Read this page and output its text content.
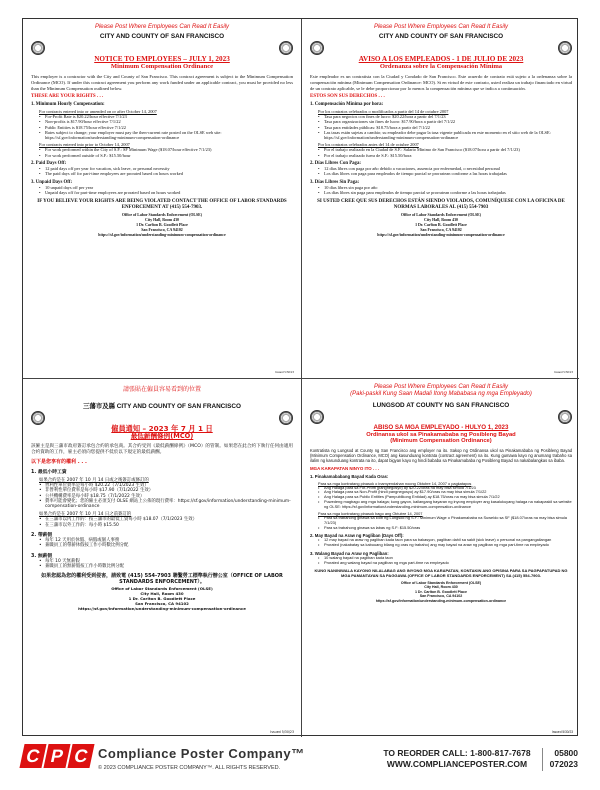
Please Post Where Employees Can Read It Easily
CITY AND COUNTY OF SAN FRANCISCO
NOTICE TO EMPLOYEES – JULY 1, 2023
Minimum Compensation Ordinance
This employer is a contractor with the City and County of San Francisco. This contract agreement is subject to the Minimum Compensation Ordinance (MCO). If under this contract agreement you perform any work funded under an applicable contract, you must be provided no less than the Minimum Compensation outlined below.
THESE ARE YOUR RIGHTS . . .
1. Minimum Hourly Compensation:
For contracts entered into or amended on or after October 14, 2007
• For-Profit Rate is $20.22/hour effective 7/1/23
• Non-profits is $17.90/hour effective 7/1/22
• Public Entities is $18.75/hour effective 7/1/22
• Rates subject to change; your employer must pay the then-current rate posted on the OLSE web site: https://sf.gov/information/understanding-minimum-compensation-ordinance
For contracts entered into prior to October 14, 2007
• For work performed within the City of S.F.: SF Minimum Wage ($18.07/hour effective 7/1/23)
• For work performed outside of S.F.: $15.50/hour
2. Paid Days Off:
• 12 paid days off per year for vacation, sick leave, or personal necessity
• The paid days off for part-time employees are prorated based on hours worked
3. Unpaid Days Off:
• 10 unpaid days off per year
• Unpaid days off for part-time employees are prorated based on hours worked
IF YOU BELIEVE YOUR RIGHTS ARE BEING VIOLATED CONTACT THE OFFICE OF LABOR STANDARDS ENFORCEMENT AT (415) 554-7903.
Office of Labor Standards Enforcement (OLSE)
City Hall, Room 430
1 Dr. Carlton B. Goodlett Place
San Francisco, CA 94102
https://sf.gov/information/understanding-minimum-compensation-ordinance
Issued 5/30/23
Please Post Where Employees Can Read It Easily
CITY AND COUNTY OF SAN FRANCISCO
AVISO A LOS EMPLEADOS - 1 DE JULIO DE 2023
Ordenanza sobre la Compensación Mínima
Este empleador es un contratista con la Ciudad y Condado de San Francisco. Este acuerdo de contrato está sujeto a la ordenanza sobre la compensación mínima (Minimum Compensation Ordinance: MCO). Si en virtud de este contrato, usted realiza un trabajo financiado en virtud de un contrato aplicable, se le debe proporcionar por lo menos la compensación mínima que se indica a continuación.
ESTOS SON SUS DERECHOS . . .
1. Compensación Mínima por hora:
Por los contratos celebrados o modificados a partir del 14 de octubre 2007
• Tasa para negocios con fines de lucro: $20.22/hora a partir del 7/1/23
• Tasa para organizaciones sin fines de lucro: $17.90/hora a partir del 7/1/22
• Tasa para entidades públicas: $18.75/hora a partir del 7/1/22
• Las tasas están sujetas a cambio; su empleador debe pagar la tasa vigente publicada en este momento en el sitio web de la OLSE: https://sf.gov/information/understanding-minimum-compensation-ordinance
Por los contratos celebrados antes del 14 de octubre 2007
• Por el trabajo realizado en la Ciudad de S.F.: Salario Mínimo de San Francisco ($18.07/hora a partir del 7/1/23)
• Por el trabajo realizado fuera de S.F.: $15.50/hora
2. Días Libres Con Paga:
• 12 días libres con paga por año debido a vacaciones, ausencia por enfermedad, o necesidad personal
• Los días libres con paga para empleados de tiempo parcial se prorratean conforme a las horas trabajadas
3. Días Libres Sin Paga:
• 10 días libres sin paga por año
• Los días libres sin paga para empleados de tiempo parcial se prorratean conforme a las horas trabajadas
SI USTED CREE QUE SUS DERECHOS ESTÁN SIENDO VIOLADOS, COMUNÍQUESE CON LA OFICINA DE NORMAS LABORALES AL (415) 554-7903
Office of Labor Standards Enforcement (OLSE)
City Hall, Room 430
1 Dr. Carlton B. Goodlett Place
San Francisco, CA 94102
https://sf.gov/information/understanding-minimum-compensation-ordinance
Issued 5/30/23
請張貼在僱員容易看到的位置
三藩市及縣 CITY AND COUNTY OF SAN FRANCISCO
僱員通知 – 2023 年 7 月 1 日
最低薪酬條例(MCO)
該僱主是與三藩市政府簽訂承包合約的承包商。其合約受到《最低薪酬條例》（MCO）的管制。如果您在此合約下執行任何由適用合約資助的工作，雇主必須向您提供不低於以下規定的最低薪酬。
以下是您享有的權利 . . .
1. 最低小時工資
如果合約是在 2007 年 10 月 14 日或之後簽訂或修訂的
• 營利性單位費率是每小時 $20.22（7/1/2023 生效）
• 非營利性單位費率是每小時 $17.90（7/1/2022 生效）
• 公共機構費率是每小時 $18.75（7/1/2022 生效）
• 費率可能會變化；您的僱主必須支付 OLSE 網站上公佈的現行費率：https://sf.gov/information/understanding-minimum-compensation-ordinance
如果合約是在 2007 年 10 月 14 日之前簽訂的
• 在三藩市以內工作的：按三藩市的最低工資每小時 $18.07（7/1/2023 生效）
• 在三藩市以外工作的：每小時 $15.50
2. 帶薪假
• 每年 12 天用於休假、病假或個人事務
• 兼職員工的帶薪休假按工作小時數比例分配
3. 無薪假
• 每年 10 天無薪假
• 兼職員工的無薪假按工作小時數比例分配
如果您認為您的權利受到侵害，請致電 (415) 554-7903 聯繫勞工標準執行辦公室（OFFICE OF LABOR STANDARDS ENFORCEMENT）。
Office of Labor Standards Enforcement (OLSE)
City Hall, Room 430
1 Dr. Carlton B. Goodlett Place
San Francisco, CA 94102
https://sf.gov/information/understanding-minimum-compensation-ordinance
Issued 5/30/23
Please Post Where Employees Can Read It Easily
(Paki-paskil Kung Saan Madali Itong Mababasa ng mga Empleyado)
LUNGSOD AT COUNTY NG SAN FRANCISCO
ABISO SA MGA EMPLEYADO - HULYO 1, 2023
Ordinansa ukol sa Pinakamababa ng Posibleng Bayad
(Minimum Compensation Ordinance)
Kontratista ng Lungsod at County ng San Francisco ang employer na ito. Sakop ng Ordinansa ukol sa Pinakamababa ng Posibleng Bayad (Minimum Compensation Ordinance, MCO) ang kasunduang kontrata (contract agreement) na ito. Kung gumawa kayo ng anumang trabaho sa ilalim ng kasunduang kontrata na ito, dapat bigyan kayo ng hindi bababa sa Pinakamababa ng Posibleng Bayad na nakabalangkas sa ibaba.
MGA KARAPATAN NINYO ITO . . .
1. Pinakamababang Bayad Kada Oras:
Para sa mga kontratang pinasok o inamyendahan noong Oktubre 14, 2007 o pagkatapos
• Ang Halaga para sa For-Profit (pangnegosyo) ay $20.22/oras na may bisa simula 7/1/23
• Ang Halaga para sa Non-Profit (hindi pangnegosyo) ay $17.90/oras na may bisa simula 7/1/22
• Ang Halaga para sa Public Entities (Pampublikong Entidad) ay $18.75/oras na may bisa simula 7/1/22
• Puwedeng magbago ang mga halaga; kung gayon, kailangang bayaran ng inyong employer ang kasalukuyang halaga na nakapaskil sa website ng OLSE: https://sf.gov/information/understanding-minimum-compensation-ordinance
Para sa mga kontratang pinasok bago ang Oktubre 14, 2007
• Para sa trabahong ginawa sa loob ng Lungsod ng S.F.: Minimum Wage o Pinakamababa na Suweldo sa SF ($18.07/oras na may bisa simula 7/1/23)
• Para sa trabahong ginawa sa labas ng S.F: $15.50/oras
2. May Bayad na Araw ng Pagliban (Days Off):
• 12 may bayad na araw ng pagliban kada taon para sa bakasyon, pagliban dahil sa sakit (sick leave) o personal na pangangailangan
• Prorated (nakabatay sa kabuuang bilang ng oras ng trabaho) ang may bayad na araw ng pagliban ng mga part-time na empleyado
3. Walang Bayad na Araw ng Pagliban:
• 10 walang bayad na pagliban kada taon
• Prorated ang walang bayad na pagliban ng mga part-time na empleyado
KUNG NANINIWALA KAYONG NILALABAG ANG INYONG MGA KARAPATAN, KONTAKIN ANG OPISINA PARA SA PAGPAPATUPAD NG MGA PAMANTAYAN SA PAGGAWA (OFFICE OF LABOR STANDARDS ENFORCEMENT) SA (415) 554-7903.
Office of Labor Standards Enforcement (OLSE)
City Hall, Room 430
1 Dr. Carlton B. Goodlett Place
San Francisco, CA 94102
https://sf.gov/information/understanding-minimum-compensation-ordinance
Issued 5/30/23
C P C Compliance Poster Company™
© 2023 COMPLIANCE POSTER COMPANY™. ALL RIGHTS RESERVED.
TO REORDER CALL: 1-800-817-7678
WWW.COMPLIANCEPOSTER.COM
05800
072023
